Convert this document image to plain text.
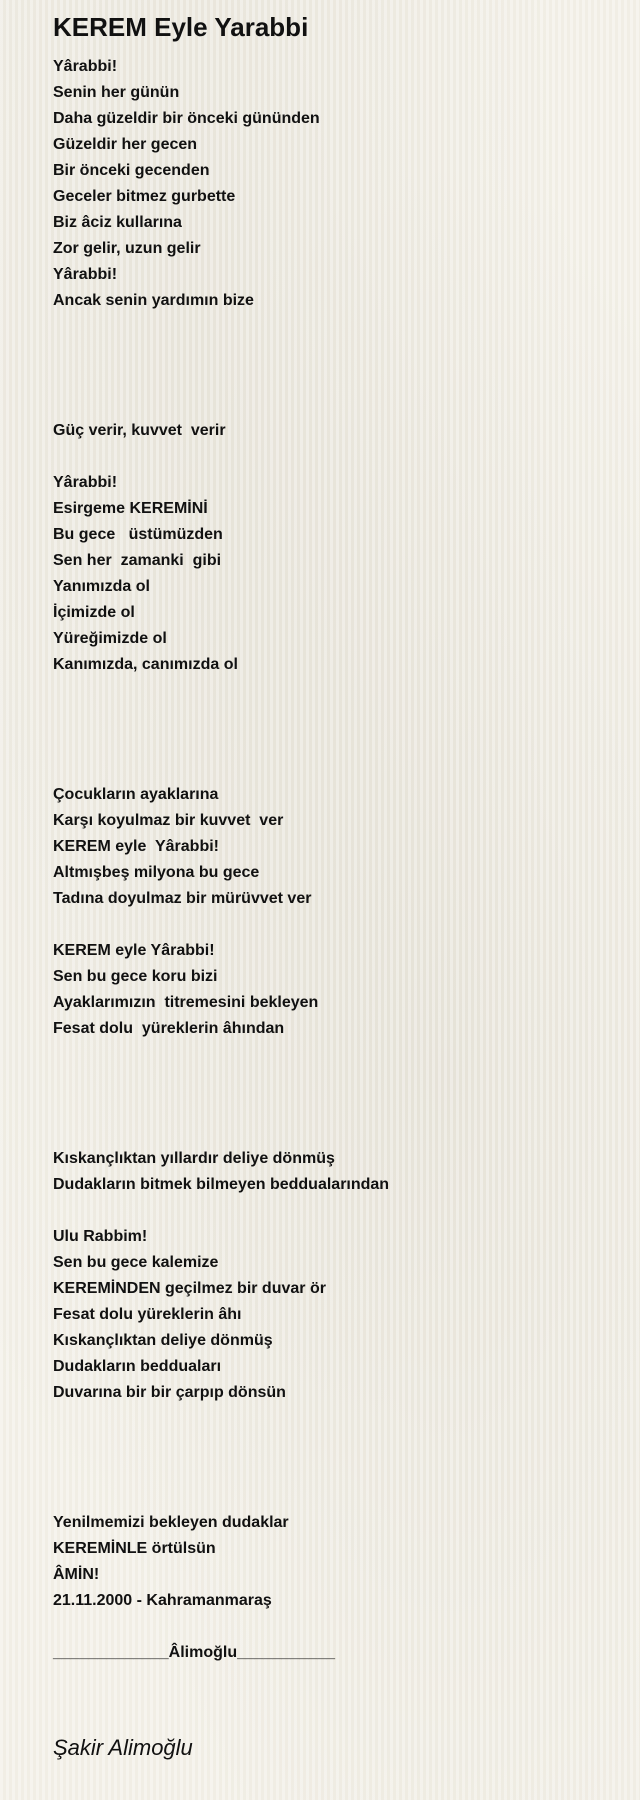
KEREM Eyle Yarabbi
Yârabbi!
Senin her günün
Daha güzeldir bir önceki gününden
Güzeldir her gecen
Bir önceki gecenden
Geceler bitmez gurbette
Biz âciz kullarına
Zor gelir, uzun gelir
Yârabbi!
Ancak senin yardımın bize
Güç verir, kuvvet  verir
Yârabbi!
Esirgeme KEREMİNİ
Bu gece   üstümüzden
Sen her  zamanki  gibi
Yanımızda ol
İçimizde ol
Yüreğimizde ol
Kanımızda, canımızda ol
Çocukların ayaklarına
Karşı koyulmaz bir kuvvet  ver
KEREM eyle  Yârabbi!
Altmışbeş milyona bu gece
Tadına doyulmaz bir mürüvvet ver
KEREM eyle Yârabbi!
Sen bu gece koru bizi
Ayaklarımızın  titremesini bekleyen
Fesat dolu  yüreklerin âhından
Kıskançlıktan yıllardır deliye dönmüş
Dudakların bitmek bilmeyen beddualarından
Ulu Rabbim!
Sen bu gece kalemize
KEREMİNDEN geçilmez bir duvar ör
Fesat dolu yüreklerin âhı
Kıskançlıktan deliye dönmüş
Dudakların bedduaları
Duvarına bir bir çarpıp dönsün
Yenilmemizi bekleyen dudaklar
KEREMİNLE örtülsün
ÂMİN!
21.11.2000 - Kahramanmaraş
_____________Âlimoğlu___________
Şakir Alimoğlu
